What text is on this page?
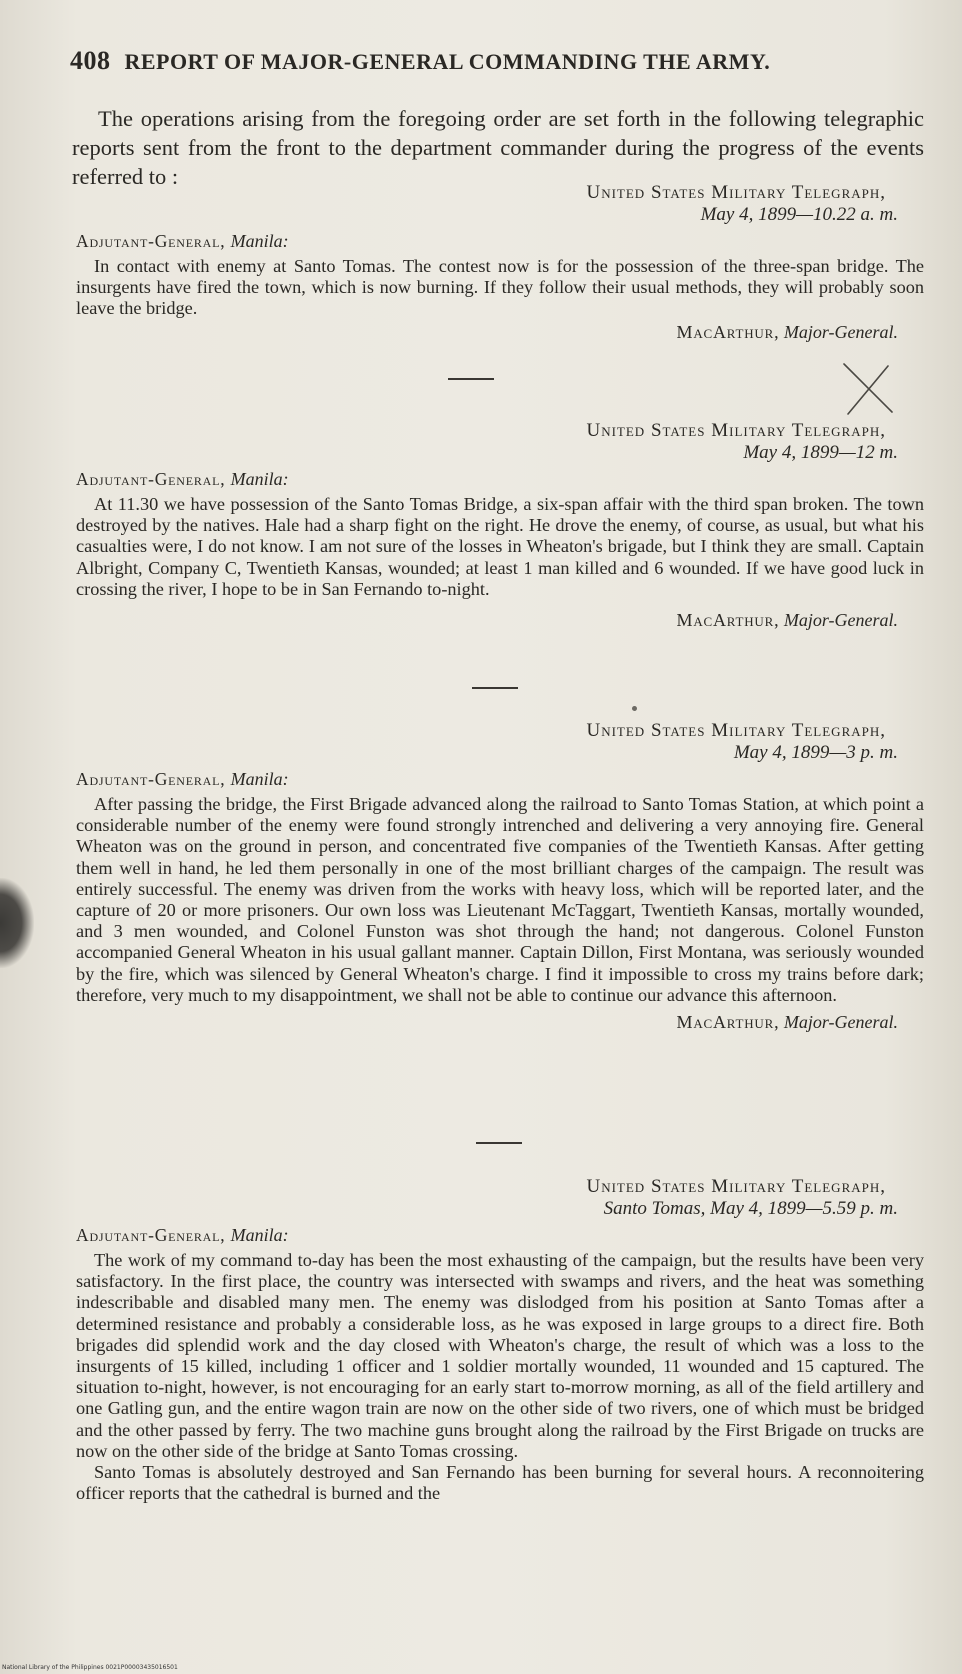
408 REPORT OF MAJOR-GENERAL COMMANDING THE ARMY.

The operations arising from the foregoing order are set forth in the following telegraphic reports sent from the front to the department commander during the progress of the events referred to :

United States Military Telegraph,
May 4, 1899—10.22 a. m.
Adjutant-General, Manila:

In contact with enemy at Santo Tomas. The contest now is for the possession of the three-span bridge. The insurgents have fired the town, which is now burning. If they follow their usual methods, they will probably soon leave the bridge.

MacArthur, Major-General.
United States Military Telegraph,
May 4, 1899—12 m.
Adjutant-General, Manila:

At 11.30 we have possession of the Santo Tomas Bridge, a six-span affair with the third span broken. The town destroyed by the natives. Hale had a sharp fight on the right. He drove the enemy, of course, as usual, but what his casualties were, I do not know. I am not sure of the losses in Wheaton's brigade, but I think they are small. Captain Albright, Company C, Twentieth Kansas, wounded; at least 1 man killed and 6 wounded. If we have good luck in crossing the river, I hope to be in San Fernando to-night.

MacArthur, Major-General.
United States Military Telegraph,
May 4, 1899—3 p. m.
Adjutant-General, Manila:

After passing the bridge, the First Brigade advanced along the railroad to Santo Tomas Station, at which point a considerable number of the enemy were found strongly intrenched and delivering a very annoying fire. General Wheaton was on the ground in person, and concentrated five companies of the Twentieth Kansas. After getting them well in hand, he led them personally in one of the most brilliant charges of the campaign. The result was entirely successful. The enemy was driven from the works with heavy loss, which will be reported later, and the capture of 20 or more prisoners. Our own loss was Lieutenant McTaggart, Twentieth Kansas, mortally wounded, and 3 men wounded, and Colonel Funston was shot through the hand; not dangerous. Colonel Funston accompanied General Wheaton in his usual gallant manner. Captain Dillon, First Montana, was seriously wounded by the fire, which was silenced by General Wheaton's charge. I find it impossible to cross my trains before dark; therefore, very much to my disappointment, we shall not be able to continue our advance this afternoon.

MacArthur, Major-General.
United States Military Telegraph,
Santo Tomas, May 4, 1899—5.59 p. m.
Adjutant-General, Manila:

The work of my command to-day has been the most exhausting of the campaign, but the results have been very satisfactory. In the first place, the country was intersected with swamps and rivers, and the heat was something indescribable and disabled many men. The enemy was dislodged from his position at Santo Tomas after a determined resistance and probably a considerable loss, as he was exposed in large groups to a direct fire. Both brigades did splendid work and the day closed with Wheaton's charge, the result of which was a loss to the insurgents of 15 killed, including 1 officer and 1 soldier mortally wounded, 11 wounded and 15 captured. The situation to-night, however, is not encouraging for an early start to-morrow morning, as all of the field artillery and one Gatling gun, and the entire wagon train are now on the other side of two rivers, one of which must be bridged and the other passed by ferry. The two machine guns brought along the railroad by the First Brigade on trucks are now on the other side of the bridge at Santo Tomas crossing.

Santo Tomas is absolutely destroyed and San Fernando has been burning for several hours. A reconnoitering officer reports that the cathedral is burned and the

National Library of the Philippines 0021P00003435016501
